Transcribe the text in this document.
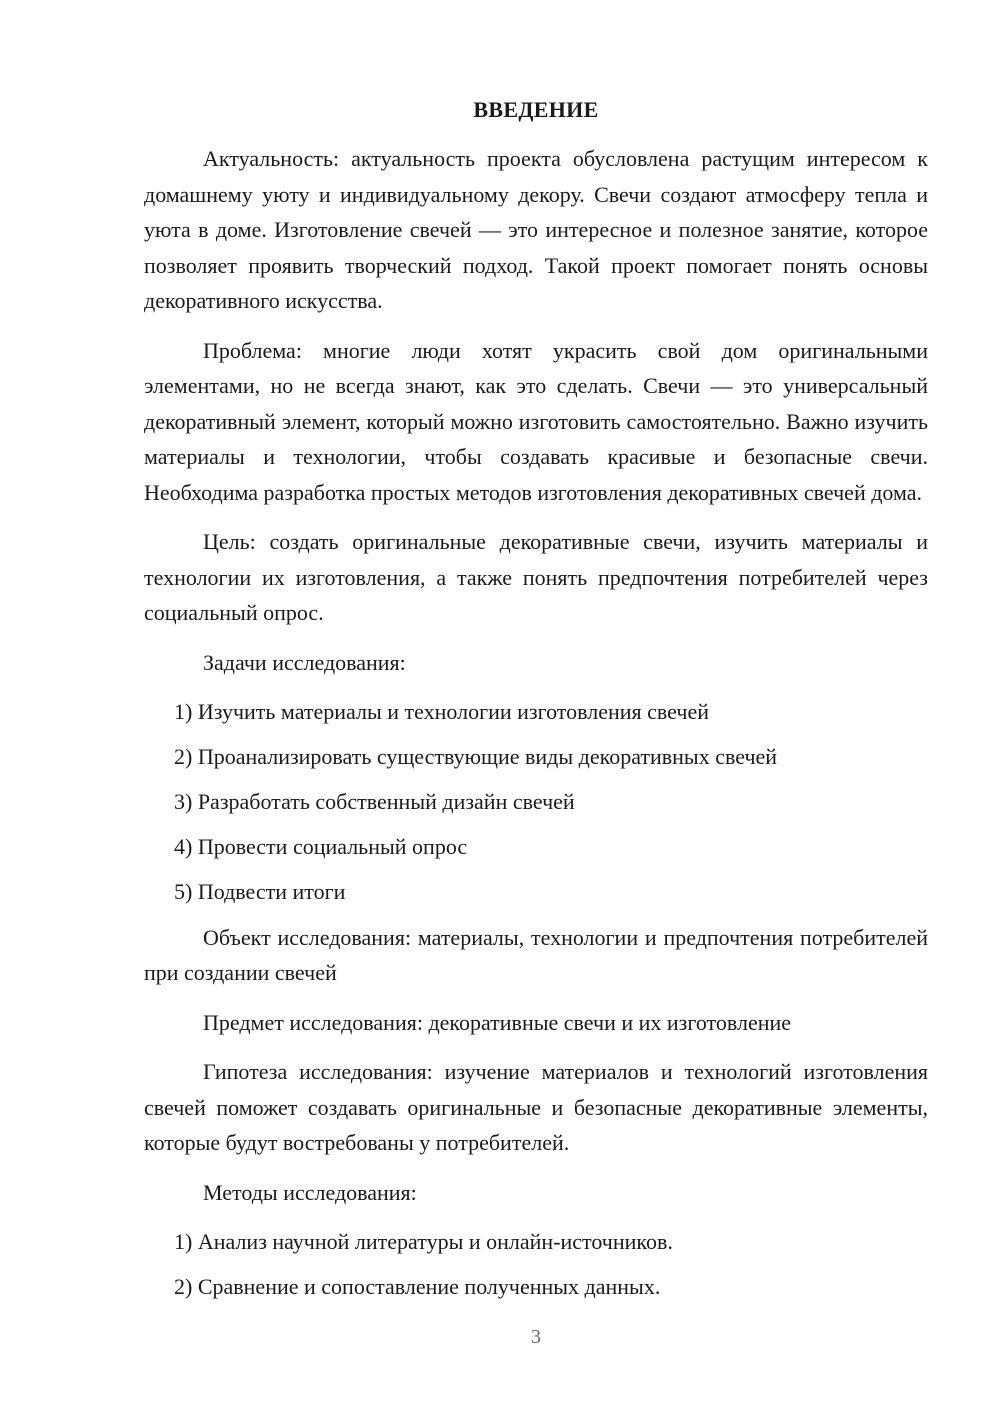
ВВЕДЕНИЕ

Актуальность: актуальность проекта обусловлена растущим интересом к домашнему уюту и индивидуальному декору. Свечи создают атмосферу тепла и уюта в доме. Изготовление свечей — это интересное и полезное занятие, которое позволяет проявить творческий подход. Такой проект помогает понять основы декоративного искусства.

Проблема: многие люди хотят украсить свой дом оригинальными элементами, но не всегда знают, как это сделать. Свечи — это универсальный декоративный элемент, который можно изготовить самостоятельно. Важно изучить материалы и технологии, чтобы создавать красивые и безопасные свечи. Необходима разработка простых методов изготовления декоративных свечей дома.

Цель: создать оригинальные декоративные свечи, изучить материалы и технологии их изготовления, а также понять предпочтения потребителей через социальный опрос.

Задачи исследования:

1) Изучить материалы и технологии изготовления свечей
2) Проанализировать существующие виды декоративных свечей
3) Разработать собственный дизайн свечей
4) Провести социальный опрос
5) Подвести итоги

Объект исследования: материалы, технологии и предпочтения потребителей при создании свечей

Предмет исследования: декоративные свечи и их изготовление

Гипотеза исследования: изучение материалов и технологий изготовления свечей поможет создавать оригинальные и безопасные декоративные элементы, которые будут востребованы у потребителей.

Методы исследования:

1) Анализ научной литературы и онлайн-источников.
2) Сравнение и сопоставление полученных данных.
3
